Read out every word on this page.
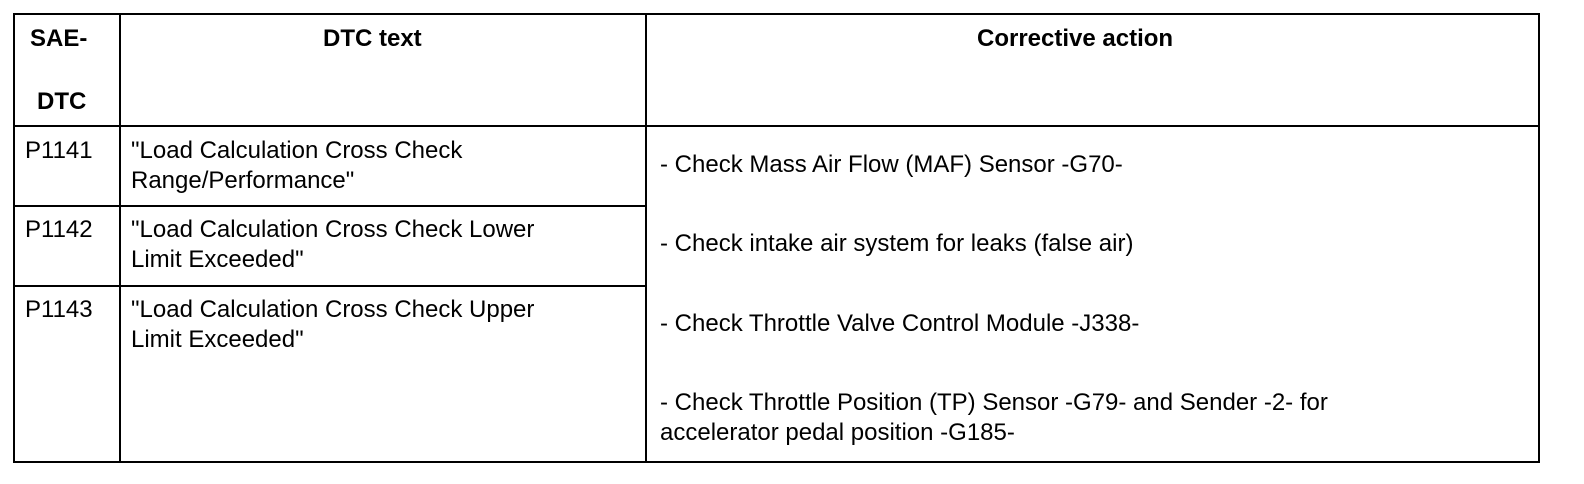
SAE-
DTC
DTC text	Corrective action
P1141 "Load Calculation Cross Check
Range/Performance"
P1142 "Load Calculation Cross Check Lower
Limit Exceeded"
P1143 "Load Calculation Cross Check Upper
Limit Exceeded"
- Check Mass Air Flow (MAF) Sensor -G70-
- Check intake air system for leaks (false air)
- Check Throttle Valve Control Module -J338-
- Check Throttle Position (TP) Sensor -G79- and Sender -2- for
accelerator pedal position -G185-
